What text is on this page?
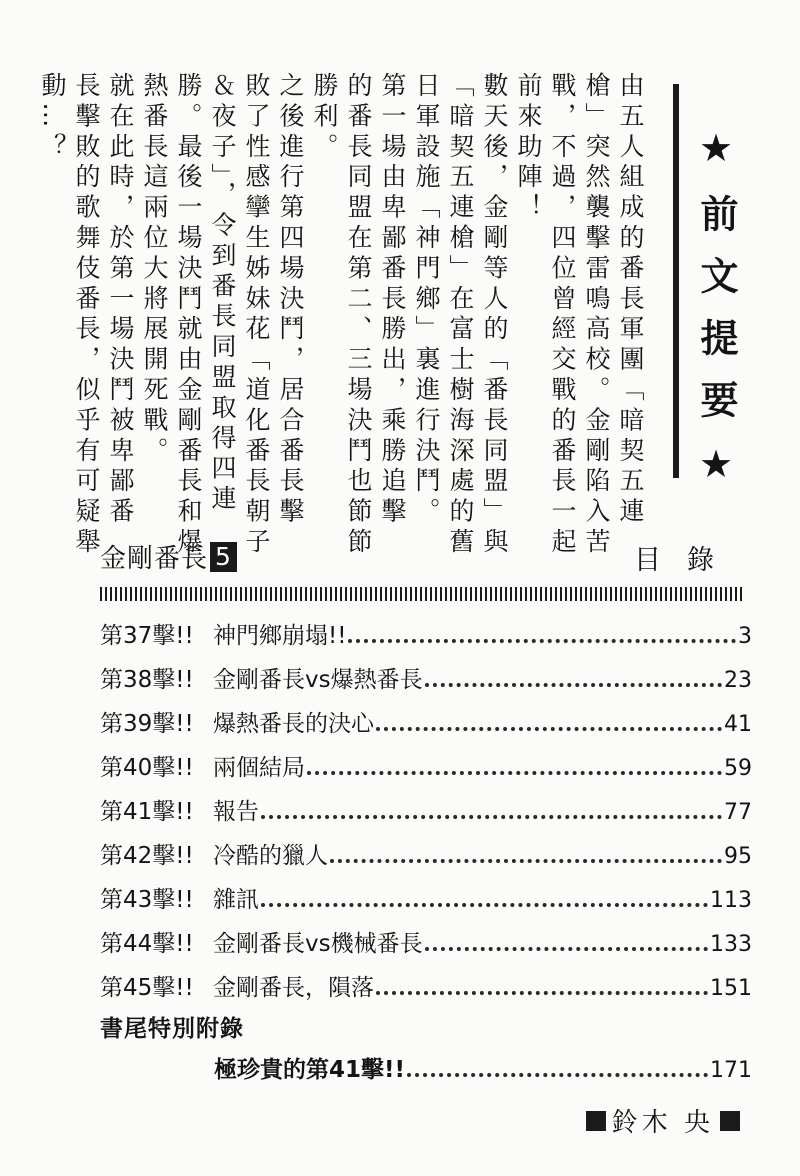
由五人組成的番長軍團「暗契五連
槍」突然襲擊雷鳴高校。金剛陷入苦
戰，不過，四位曾經交戰的番長一起
前來助陣！
數天後，金剛等人的「番長同盟」與
「暗契五連槍」在富士樹海深處的舊
日軍設施「神門鄉」裏進行決鬥。
第一場由卑鄙番長勝出，乘勝追擊
的番長同盟在第二、三場決鬥也節節
勝利。
之後進行第四場決鬥，居合番長擊
敗了性感攣生姊妹花「道化番長朝子
＆夜子」，令到番長同盟取得四連
勝。最後一場決鬥就由金剛番長和爆
熱番長這兩位大將展開死戰。
就在此時，於第一場決鬥被卑鄙番
長擊敗的歌舞伎番長，似乎有可疑舉
動…？
★前文提要★
金剛番長 5	目錄
第37擊!! 神門鄉崩塌!!	3
第38擊!! 金剛番長vs爆熱番長	23
第39擊!! 爆熱番長的決心	41
第40擊!! 兩個結局	59
第41擊!! 報告	77
第42擊!! 冷酷的獵人	95
第43擊!! 雜訊	113
第44擊!! 金剛番長vs機械番長	133
第45擊!! 金剛番長，隕落	151
書尾特別附錄
極珍貴的第41擊!!	171
鈴木 央
